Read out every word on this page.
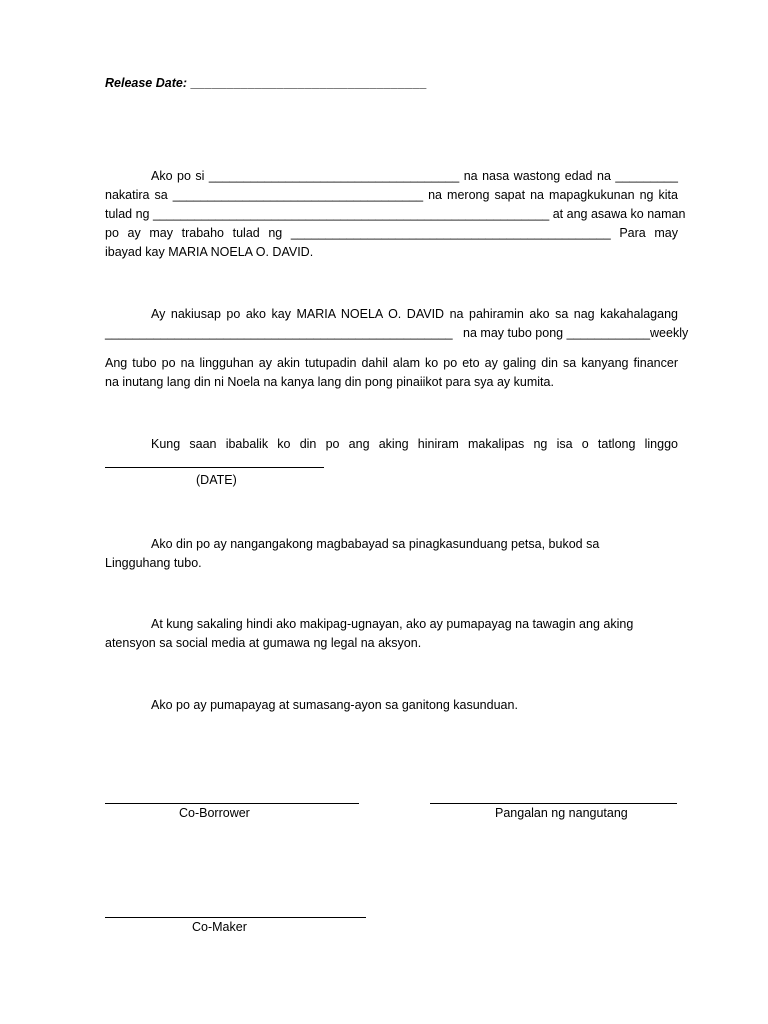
Release Date: _________________________________
Ako po si ____________________________________ na nasa wastong edad na _________
nakatira sa ____________________________________ na merong sapat na mapagkukunan ng kita
tulad ng _________________________________________________________ at ang asawa ko naman
po ay may trabaho tulad ng ______________________________________________ Para may
ibayad kay MARIA NOELA O. DAVID.
Ay nakiusap po ako kay MARIA NOELA O. DAVID na pahiramin ako sa nag kakahalagang
__________________________________________________ na may tubo pong ____________weekly
Ang tubo po na lingguhan ay akin tutupadin dahil alam ko po eto ay galing din sa kanyang financer
na inutang lang din ni Noela na kanya lang din pong pinaiikot para sya ay kumita.
Kung saan ibabalik ko din po ang aking hiniram makalipas ng isa o tatlong linggo
(DATE)
Ako din po ay nangangakong magbabayad sa pinagkasunduang petsa, bukod sa
Lingguhang tubo.
At kung sakaling hindi ako makipag-ugnayan, ako ay pumapayag na tawagin ang aking
atensyon sa social media at gumawa ng legal na aksyon.
Ako po ay pumapayag at sumasang-ayon sa ganitong kasunduan.
Co-Borrower	Pangalan ng nangutang
Co-Maker
